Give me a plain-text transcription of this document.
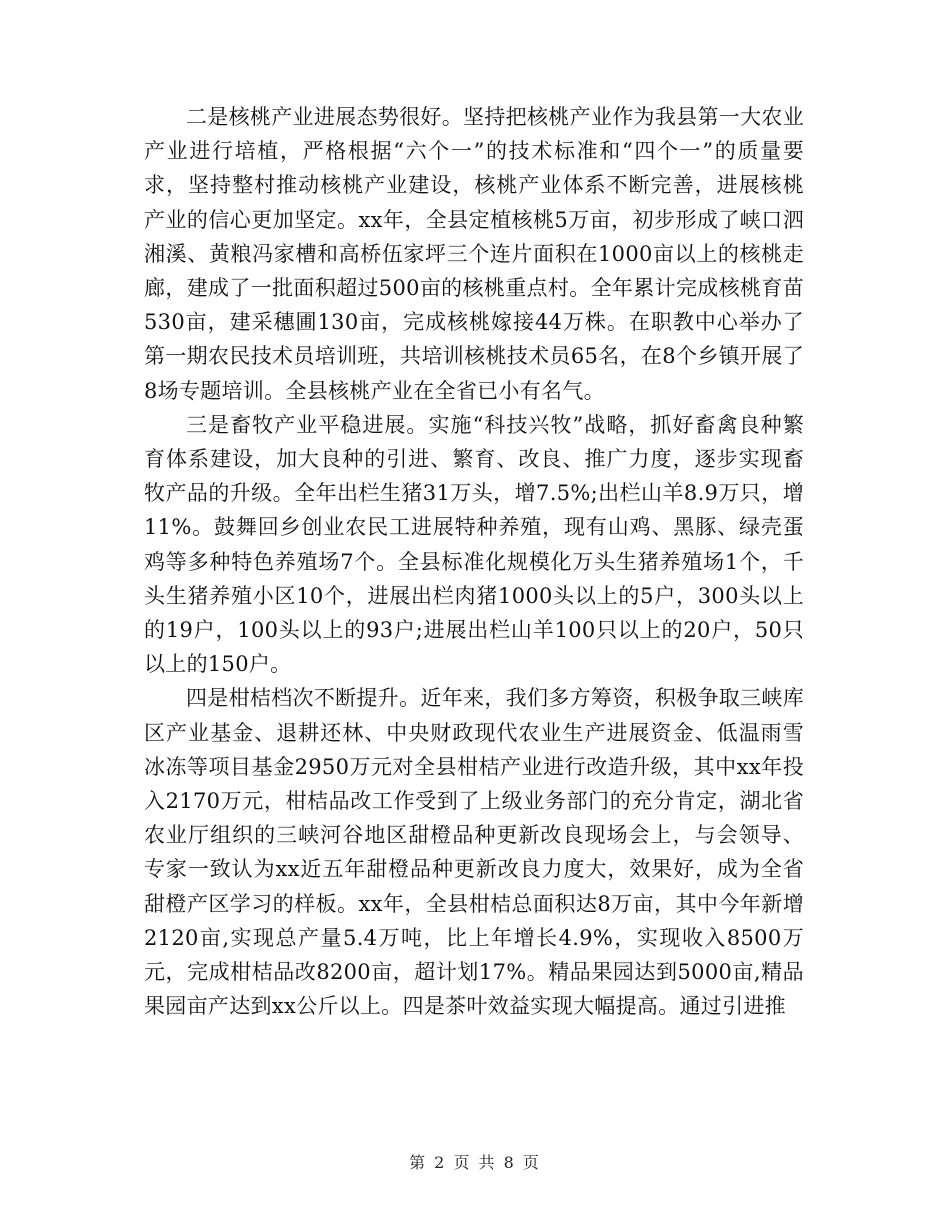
二是核桃产业进展态势很好。坚持把核桃产业作为我县第一大农业产业进行培植，严格根据“六个一”的技术标准和“四个一”的质量要求，坚持整村推动核桃产业建设，核桃产业体系不断完善，进展核桃产业的信心更加坚定。xx年，全县定植核桃5万亩，初步形成了峡口泗湘溪、黄粮冯家槽和高桥伍家坪三个连片面积在1000亩以上的核桃走廊，建成了一批面积超过500亩的核桃重点村。全年累计完成核桃育苗530亩，建采穗圃130亩，完成核桃嫁接44万株。在职教中心举办了第一期农民技术员培训班，共培训核桃技术员65名，在8个乡镇开展了8场专题培训。全县核桃产业在全省已小有名气。

三是畜牧产业平稳进展。实施“科技兴牧”战略，抓好畜禽良种繁育体系建设，加大良种的引进、繁育、改良、推广力度，逐步实现畜牧产品的升级。全年出栏生猪31万头，增7.5%;出栏山羊8.9万只，增11%。鼓舞回乡创业农民工进展特种养殖，现有山鸡、黑豚、绿壳蛋鸡等多种特色养殖场7个。全县标准化规模化万头生猪养殖场1个，千头生猪养殖小区10个，进展出栏肉猪1000头以上的5户，300头以上的19户，100头以上的93户;进展出栏山羊100只以上的20户，50只以上的150户。

四是柑桔档次不断提升。近年来，我们多方筹资，积极争取三峡库区产业基金、退耕还林、中央财政现代农业生产进展资金、低温雨雪冰冻等项目基金2950万元对全县柑桔产业进行改造升级，其中xx年投入2170万元，柑桔品改工作受到了上级业务部门的充分肯定，湖北省农业厅组织的三峡河谷地区甜橙品种更新改良现场会上，与会领导、专家一致认为xx近五年甜橙品种更新改良力度大，效果好，成为全省甜橙产区学习的样板。xx年，全县柑桔总面积达8万亩，其中今年新增2120亩,实现总产量5.4万吨，比上年增长4.9%，实现收入8500万元，完成柑桔品改8200亩，超计划17%。精品果园达到5000亩,精品果园亩产达到xx公斤以上。四是茶叶效益实现大幅提高。通过引进推

第 2 页 共 8 页
